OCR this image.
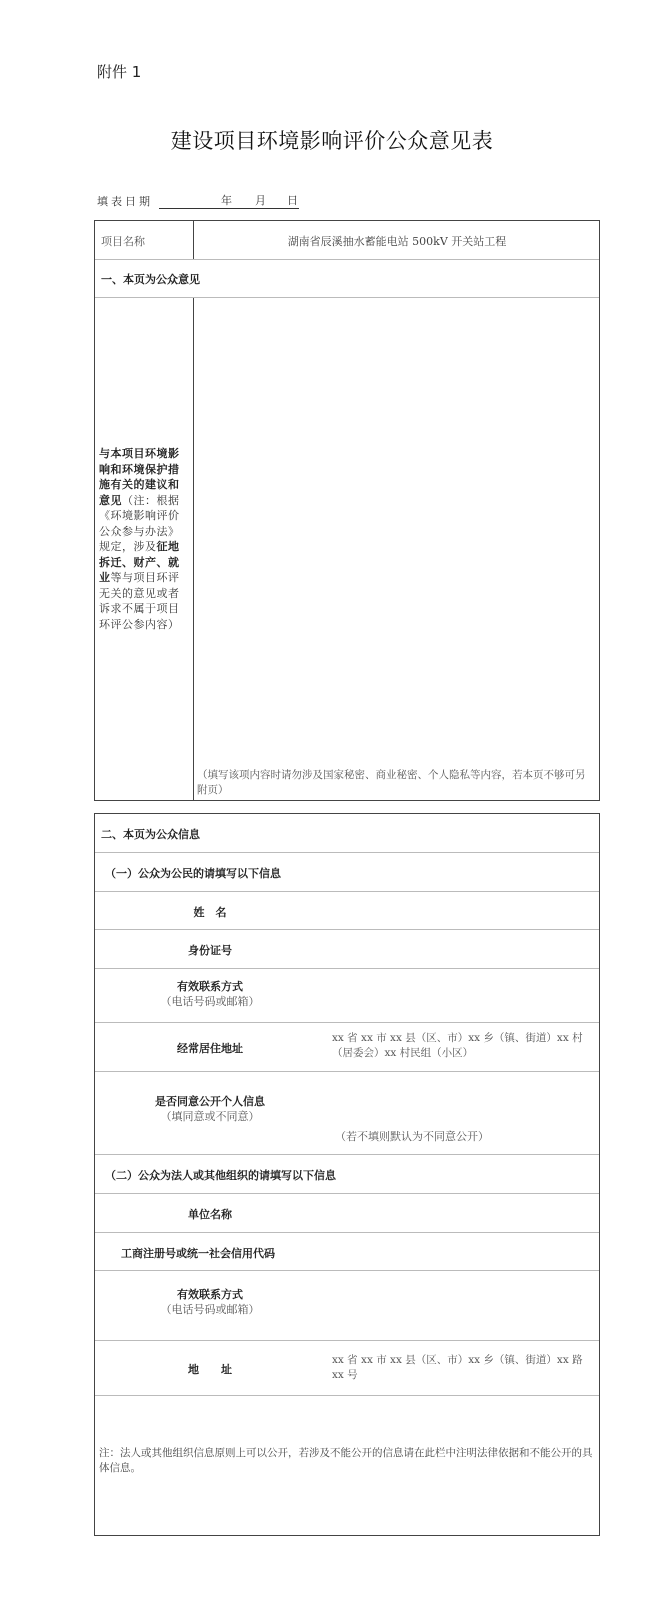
附件 1
建设项目环境影响评价公众意见表
填表日期	年 月 日
项目名称	湖南省辰溪抽水蓄能电站 500kV 开关站工程
一、本页为公众意见
与本项目环境影响和环境保护措施有关的建议和意见（注：根据《环境影响评价公众参与办法》规定，涉及征地拆迁、财产、就业等与项目环评无关的意见或者诉求不属于项目环评公参内容）
（填写该项内容时请勿涉及国家秘密、商业秘密、个人隐私等内容，若本页不够可另附页）
二、本页为公众信息
（一）公众为公民的请填写以下信息
姓　名
身份证号
有效联系方式
（电话号码或邮箱）
经常居住地址
xx 省 xx 市 xx 县（区、市）xx 乡（镇、街道）xx 村（居委会）xx 村民组（小区）
是否同意公开个人信息
（填同意或不同意）
（若不填则默认为不同意公开）
（二）公众为法人或其他组织的请填写以下信息
单位名称
工商注册号或统一社会信用代码
有效联系方式
（电话号码或邮箱）
地　　址
xx 省 xx 市 xx 县（区、市）xx 乡（镇、街道）xx 路 xx 号
注：法人或其他组织信息原则上可以公开，若涉及不能公开的信息请在此栏中注明法律依据和不能公开的具体信息。
